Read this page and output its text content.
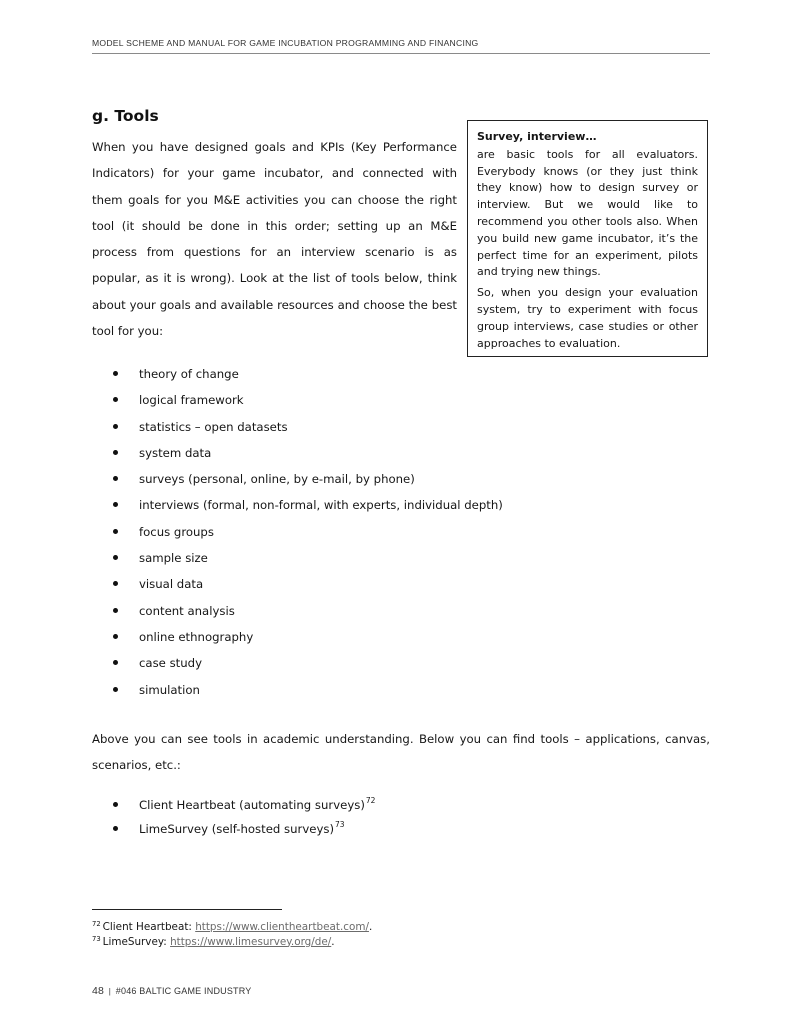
MODEL SCHEME AND MANUAL FOR GAME INCUBATION PROGRAMMING AND FINANCING
g. Tools

When you have designed goals and KPIs (Key Performance Indicators) for your game incubator, and connected with them goals for you M&E activities you can choose the right tool (it should be done in this order; setting up an M&E process from questions for an interview scenario is as popular, as it is wrong). Look at the list of tools below, think about your goals and available resources and choose the best tool for you:

Survey, interview…

are basic tools for all evaluators. Everybody knows (or they just think they know) how to design survey or interview. But we would like to recommend you other tools also. When you build new game incubator, it’s the perfect time for an experiment, pilots and trying new things.

So, when you design your evaluation system, try to experiment with focus group interviews, case studies or other approaches to evaluation.

theory of change
logical framework
statistics – open datasets
system data
surveys (personal, online, by e-mail, by phone)
interviews (formal, non-formal, with experts, individual depth)
focus groups
sample size
visual data
content analysis
online ethnography
case study
simulation

Above you can see tools in academic understanding. Below you can find tools – applications, canvas, scenarios, etc.:

Client Heartbeat (automating surveys)$^{72}$
LimeSurvey (self-hosted surveys)$^{73}$
$^{72}$ Client Heartbeat: https://www.clientheartbeat.com/.
$^{73}$ LimeSurvey: https://www.limesurvey.org/de/.
48 | #046 BALTIC GAME INDUSTRY
